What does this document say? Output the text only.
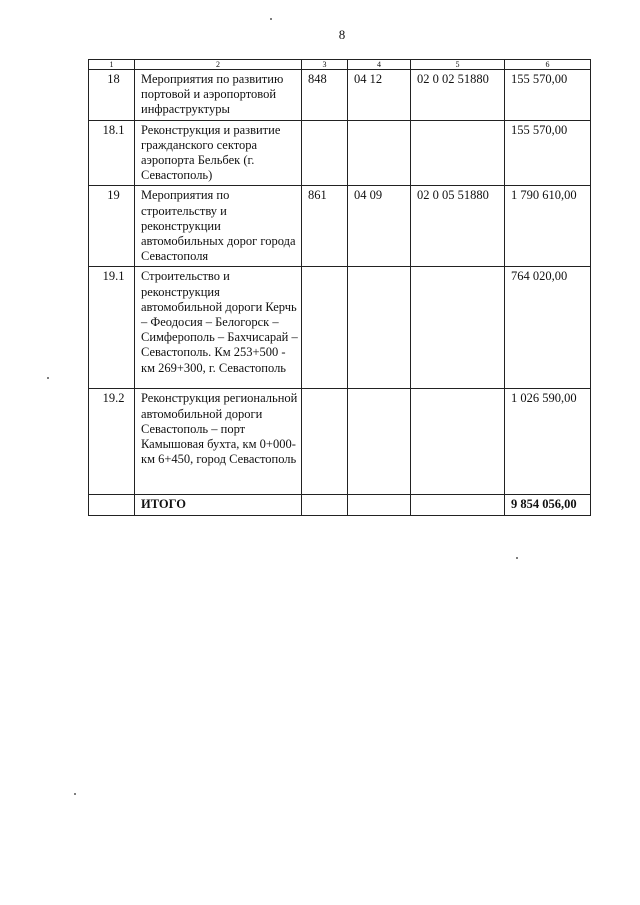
8
1	2	3	4	5	6
18	Мероприятия по развитию портовой и аэропортовой инфраструктуры	848	04 12	02 0 02 51880	155 570,00
18.1	Реконструкция и развитие гражданского сектора аэропорта Бельбек (г. Севастополь)				155 570,00
19	Мероприятия по строительству и реконструкции автомобильных дорог города Севастополя	861	04 09	02 0 05 51880	1 790 610,00
19.1	Строительство и реконструкция автомобильной дороги Керчь – Феодосия – Белогорск – Симферополь – Бахчисарай – Севастополь. Км 253+500 - км 269+300, г. Севастополь				764 020,00
19.2	Реконструкция региональной автомобильной дороги Севастополь – порт Камышовая бухта, км 0+000-км 6+450, город Севастополь				1 026 590,00
	ИТОГО				9 854 056,00
